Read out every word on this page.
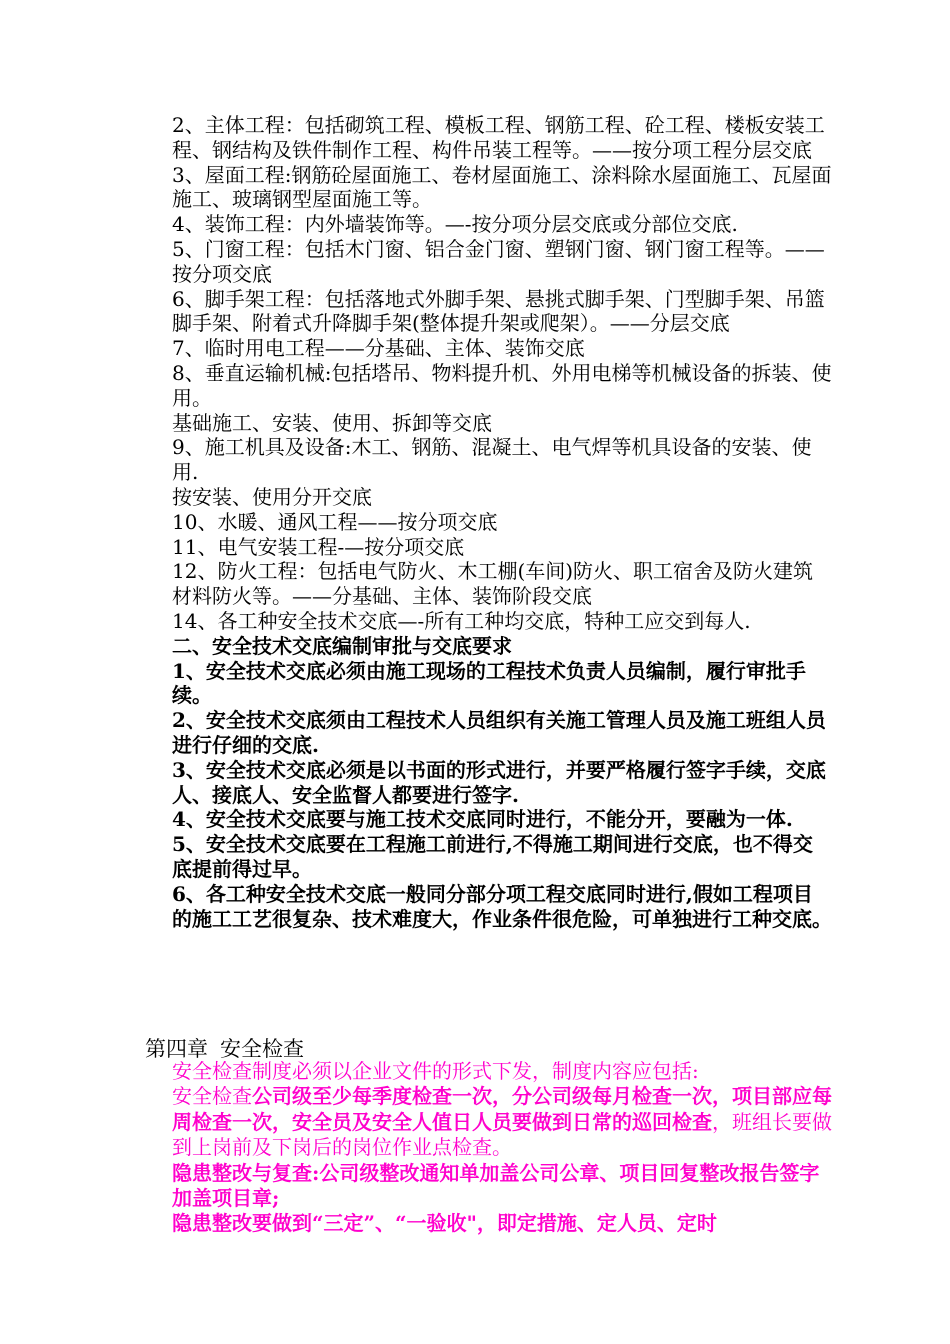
2、主体工程：包括砌筑工程、模板工程、钢筋工程、砼工程、楼板安装工程、钢结构及铁件制作工程、构件吊装工程等。——按分项工程分层交底

3、屋面工程:钢筋砼屋面施工、卷材屋面施工、涂料除水屋面施工、瓦屋面施工、玻璃钢型屋面施工等。

4、装饰工程：内外墙装饰等。—-按分项分层交底或分部位交底.

5、门窗工程：包括木门窗、铝合金门窗、塑钢门窗、钢门窗工程等。——按分项交底

6、脚手架工程：包括落地式外脚手架、悬挑式脚手架、门型脚手架、吊篮脚手架、附着式升降脚手架(整体提升架或爬架）。——分层交底

7、临时用电工程——分基础、主体、装饰交底

8、垂直运输机械:包括塔吊、物料提升机、外用电梯等机械设备的拆装、使用。

基础施工、安装、使用、拆卸等交底

9、施工机具及设备:木工、钢筋、混凝土、电气焊等机具设备的安装、使用.

按安装、使用分开交底

10、水暖、通风工程——按分项交底

11、电气安装工程-—按分项交底

12、防火工程：包括电气防火、木工棚(车间)防火、职工宿舍及防火建筑材料防火等。——分基础、主体、装饰阶段交底

14、各工种安全技术交底—-所有工种均交底，特种工应交到每人.

二、安全技术交底编制审批与交底要求

1、安全技术交底必须由施工现场的工程技术负责人员编制，履行审批手续。

2、安全技术交底须由工程技术人员组织有关施工管理人员及施工班组人员进行仔细的交底.

3、安全技术交底必须是以书面的形式进行，并要严格履行签字手续，交底人、接底人、安全监督人都要进行签字.

4、安全技术交底要与施工技术交底同时进行，不能分开，要融为一体.

5、安全技术交底要在工程施工前进行,不得施工期间进行交底，也不得交底提前得过早。

6、各工种安全技术交底一般同分部分项工程交底同时进行,假如工程项目的施工工艺很复杂、技术难度大，作业条件很危险，可单独进行工种交底。

第四章 安全检查

安全检查制度必须以企业文件的形式下发，制度内容应包括:

安全检查公司级至少每季度检查一次，分公司级每月检查一次，项目部应每周检查一次，安全员及安全人值日人员要做到日常的巡回检查，班组长要做到上岗前及下岗后的岗位作业点检查。

隐患整改与复查:公司级整改通知单加盖公司公章、项目回复整改报告签字加盖项目章;

隐患整改要做到“三定”、“一验收"，即定措施、定人员、定时
